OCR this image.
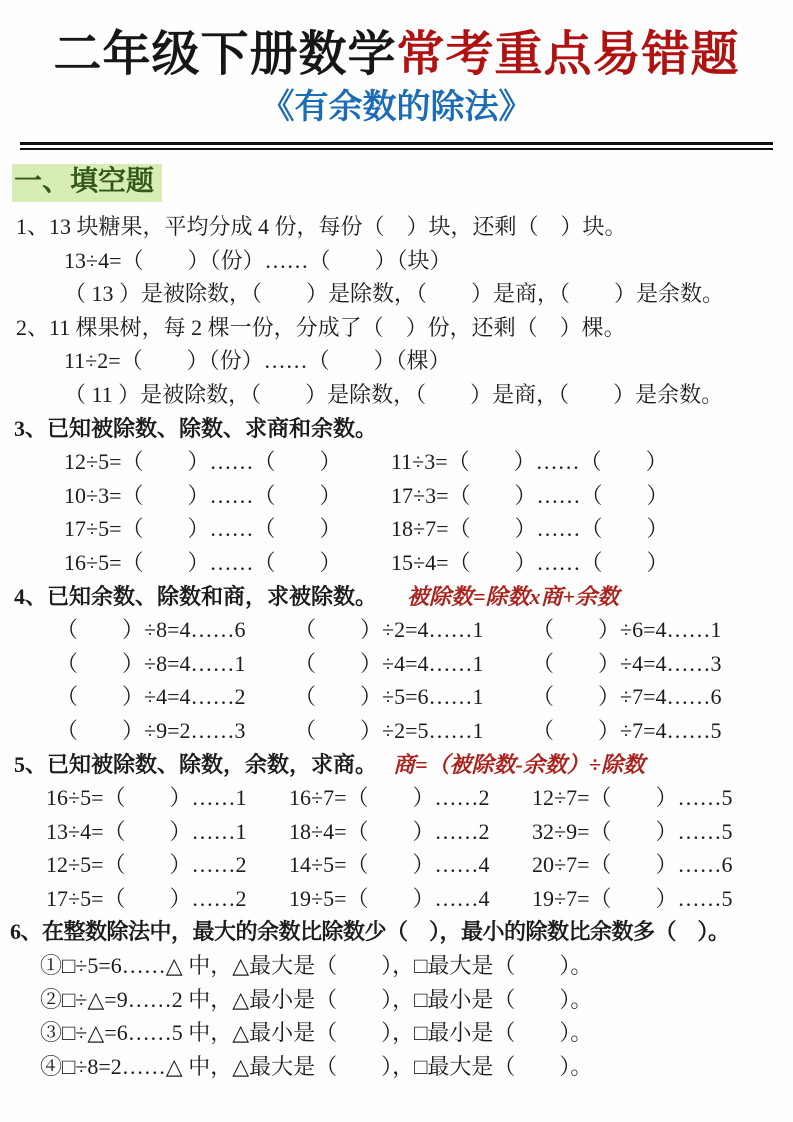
二年级下册数学常考重点易错题
《有余数的除法》
一、填空题
1、13 块糖果，平均分成 4 份，每份（　）块，还剩（　）块。
13÷4=（　　）（份）……（　　）（块）
（ 13 ）是被除数，（　　）是除数，（　　）是商，（　　）是余数。
2、11 棵果树，每 2 棵一份，分成了（　）份，还剩（　）棵。
11÷2=（　　）（份）……（　　）（棵）
（ 11 ）是被除数，（　　）是除数，（　　）是商，（　　）是余数。
3、已知被除数、除数、求商和余数。
12÷5=（　　）……（　　）	11÷3=（　　）……（　　）
10÷3=（　　）……（　　）	17÷3=（　　）……（　　）
17÷5=（　　）……（　　）	18÷7=（　　）……（　　）
16÷5=（　　）……（　　）	15÷4=（　　）……（　　）
4、已知余数、除数和商，求被除数。 被除数=除数x商+余数
（　　）÷8=4……6	（　　）÷2=4……1	（　　）÷6=4……1
（　　）÷8=4……1	（　　）÷4=4……1	（　　）÷4=4……3
（　　）÷4=4……2	（　　）÷5=6……1	（　　）÷7=4……6
（　　）÷9=2……3	（　　）÷2=5……1	（　　）÷7=4……5
5、已知被除数、除数，余数，求商。 商=（被除数-余数）÷除数
16÷5=（　　）……1	16÷7=（　　）……2	12÷7=（　　）……5
13÷4=（　　）……1	18÷4=（　　）……2	32÷9=（　　）……5
12÷5=（　　）……2	14÷5=（　　）……4	20÷7=（　　）……6
17÷5=（　　）……2	19÷5=（　　）……4	19÷7=（　　）……5
6、在整数除法中，最大的余数比除数少（　），最小的除数比余数多（　）。
①□÷5=6……△ 中，△最大是（　　），□最大是（　　）。
②□÷△=9……2 中，△最小是（　　），□最小是（　　）。
③□÷△=6……5 中，△最小是（　　），□最小是（　　）。
④□÷8=2……△ 中，△最大是（　　），□最大是（　　）。
